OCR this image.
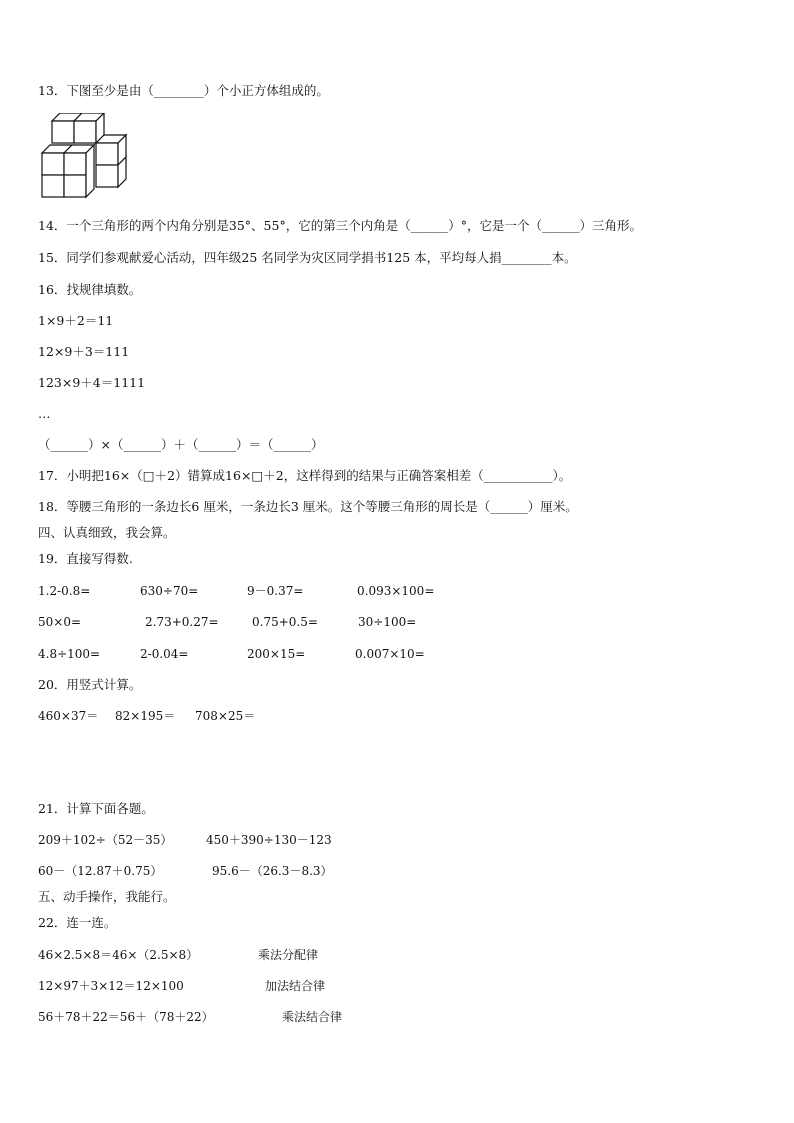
13．下图至少是由（________）个小正方体组成的。
14．一个三角形的两个内角分别是35°、55°，它的第三个内角是（______）°，它是一个（______）三角形。
15．同学们参观献爱心活动，四年级25 名同学为灾区同学捐书125 本，平均每人捐________本。
16．找规律填数。
1×9＋2＝11
12×9＋3＝111
123×9＋4＝1111
…
（______）×（______）＋（______）＝（______）
17．小明把16×（□＋2）错算成16×□＋2，这样得到的结果与正确答案相差（___________）。
18．等腰三角形的一条边长6 厘米，一条边长3 厘米。这个等腰三角形的周长是（______）厘米。
四、认真细致，我会算。
19．直接写得数.
1.2-0.8=	630÷70=	9－0.37=	0.093×100=
50×0=	2.73+0.27=	0.75+0.5=	30÷100=
4.8÷100=	2-0.04=	200×15=	0.007×10=
20．用竖式计算。
460×37＝ 82×195＝ 708×25＝
21．计算下面各题。
209＋102÷（52－35）	450＋390÷130－123
60－（12.87＋0.75）	95.6－（26.3－8.3）
五、动手操作，我能行。
22．连一连。
46×2.5×8＝46×（2.5×8）	乘法分配律
12×97＋3×12＝12×100	加法结合律
56＋78＋22＝56＋（78＋22）	乘法结合律
